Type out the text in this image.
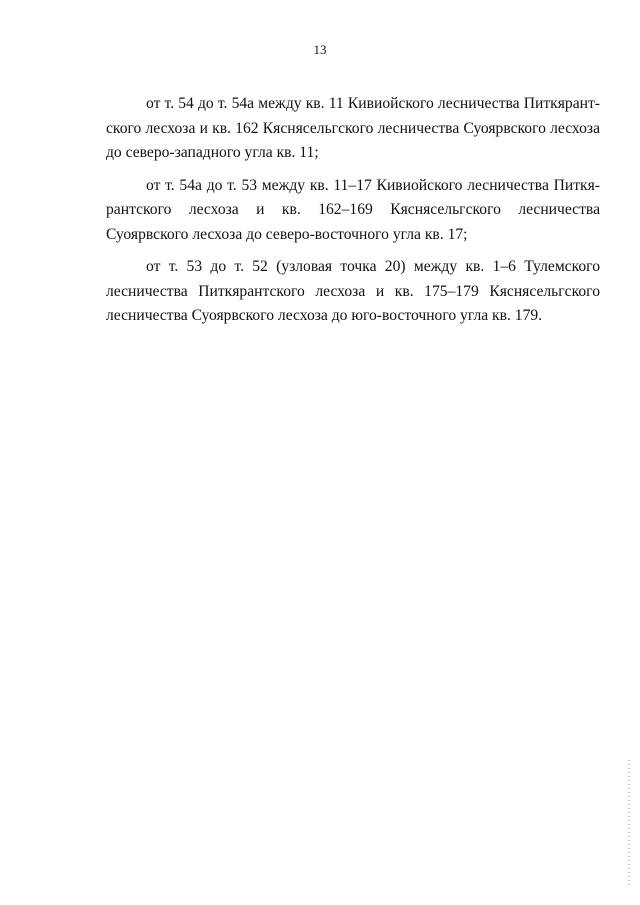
13

от т. 54 до т. 54а между кв. 11 Кивиойского лесничества Питкярантского лесхоза и кв. 162 Кяснясельгского лесничества Суоярвского лесхоза до северо-западного угла кв. 11;

от т. 54а до т. 53 между кв. 11–17 Кивиойского лесничества Питкярантского лесхоза и кв. 162–169 Кяснясельгского лесничества Суоярвского лесхоза до северо-восточного угла кв. 17;

от т. 53 до т. 52 (узловая точка 20) между кв. 1–6 Тулемского лесничества Питкярантского лесхоза и кв. 175–179 Кяснясельгского лесничества Суоярвского лесхоза до юго-восточного угла кв. 179.
